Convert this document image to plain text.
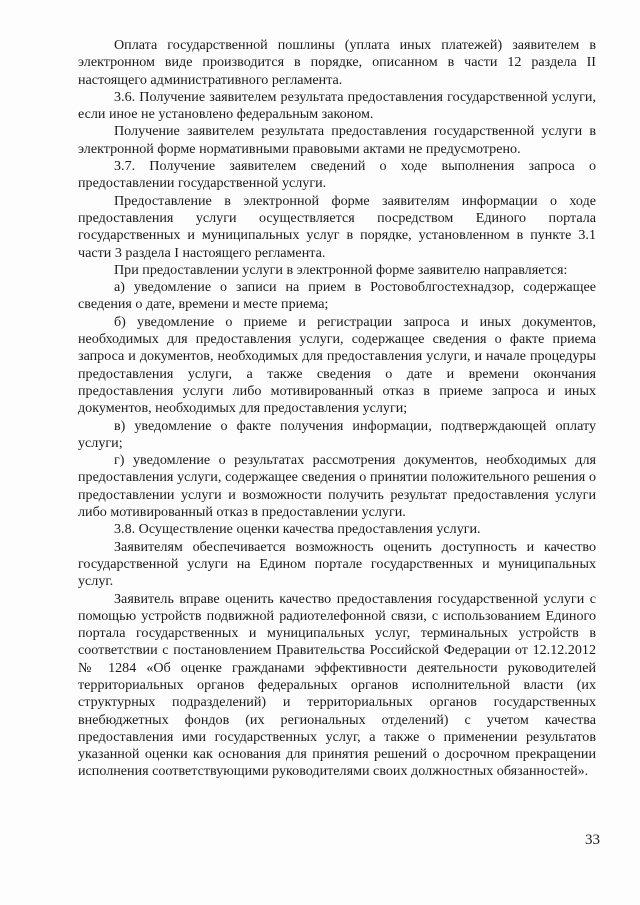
Оплата государственной пошлины (уплата иных платежей) заявителем в электронном виде производится в порядке, описанном в части 12 раздела II настоящего административного регламента.

3.6. Получение заявителем результата предоставления государственной услуги, если иное не установлено федеральным законом.

Получение заявителем результата предоставления государственной услуги в электронной форме нормативными правовыми актами не предусмотрено.

3.7. Получение заявителем сведений о ходе выполнения запроса о предоставлении государственной услуги.

Предоставление в электронной форме заявителям информации о ходе предоставления услуги осуществляется посредством Единого портала государственных и муниципальных услуг в порядке, установленном в пункте 3.1 части 3 раздела I настоящего регламента.

При предоставлении услуги в электронной форме заявителю направляется:

а) уведомление о записи на прием в Ростовоблгостехнадзор, содержащее сведения о дате, времени и месте приема;

б) уведомление о приеме и регистрации запроса и иных документов, необходимых для предоставления услуги, содержащее сведения о факте приема запроса и документов, необходимых для предоставления услуги, и начале процедуры предоставления услуги, а также сведения о дате и времени окончания предоставления услуги либо мотивированный отказ в приеме запроса и иных документов, необходимых для предоставления услуги;

в) уведомление о факте получения информации, подтверждающей оплату услуги;

г) уведомление о результатах рассмотрения документов, необходимых для предоставления услуги, содержащее сведения о принятии положительного решения о предоставлении услуги и возможности получить результат предоставления услуги либо мотивированный отказ в предоставлении услуги.

3.8. Осуществление оценки качества предоставления услуги.

Заявителям обеспечивается возможность оценить доступность и качество государственной услуги на Едином портале государственных и муниципальных услуг.

Заявитель вправе оценить качество предоставления государственной услуги с помощью устройств подвижной радиотелефонной связи, с использованием Единого портала государственных и муниципальных услуг, терминальных устройств в соответствии с постановлением Правительства Российской Федерации от 12.12.2012 № 1284 «Об оценке гражданами эффективности деятельности руководителей территориальных органов федеральных органов исполнительной власти (их структурных подразделений) и территориальных органов государственных внебюджетных фондов (их региональных отделений) с учетом качества предоставления ими государственных услуг, а также о применении результатов указанной оценки как основания для принятия решений о досрочном прекращении исполнения соответствующими руководителями своих должностных обязанностей».

33
